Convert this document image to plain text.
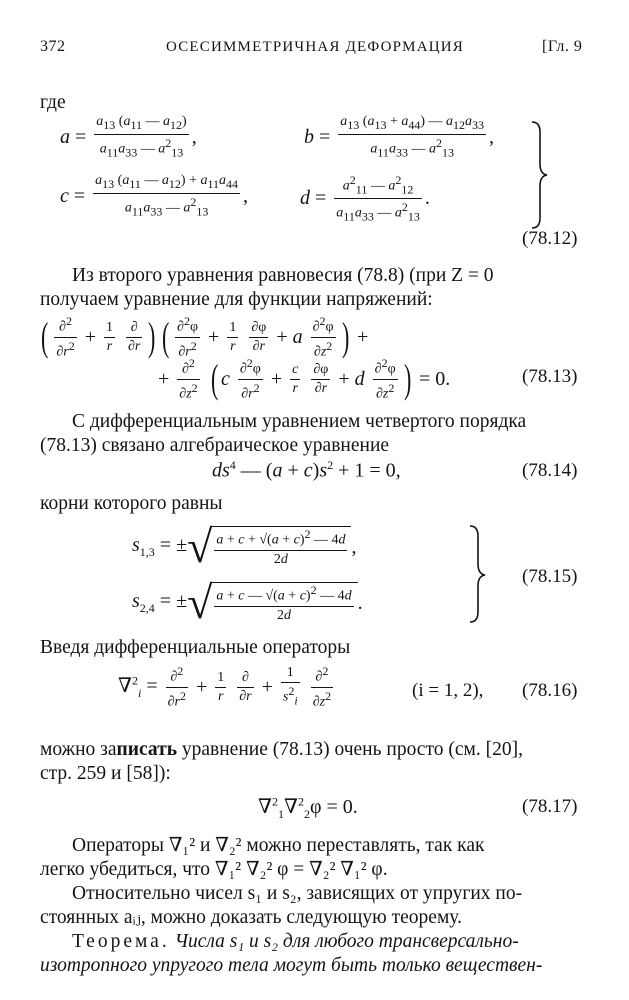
372	ОСЕСИММЕТРИЧНАЯ ДЕФОРМАЦИЯ	[Гл. 9
где
$a = \frac{a_{13} (a_{11} — a_{12})}{a_{11}a_{33} — a^2_{13}}$ ,	$b = \frac{a_{13} (a_{13} + a_{44}) — a_{12}a_{33}}{a_{11}a_{33} — a^2_{13}}$ ,
$c = \frac{a_{13} (a_{11} — a_{12}) + a_{11}a_{44}}{a_{11}a_{33} — a^2_{13}}$ ,	$d = \frac{a^2_{11} — a^2_{12}}{a_{11}a_{33} — a^2_{13}}$ .
(78.12)
Из второго уравнения равновесия (78.8) (при Z = 0
получаем уравнение для функции напряжений:
( $\frac{\partial^2}{\partial r^2} + \frac{1}{r}$
$\frac{\partial}{\partial r}$ ) ( $\frac{\partial^2\varphi}{\partial r^2} + \frac{1}{r}$
$\frac{\partial\varphi}{\partial r} + a \frac{\partial^2\varphi}{\partial z^2}$ ) +
+ $\frac{\partial^2}{\partial z^2}$ ( c $\frac{\partial^2\varphi}{\partial r^2} + \frac{c}{r}$
$\frac{\partial\varphi}{\partial r} + d \frac{\partial^2\varphi}{\partial z^2}$ ) = 0.	(78.13)
С дифференциальным уравнением четвертого порядка
(78.13) связано алгебраическое уравнение
$ds^4$ — $(a + c)s^2 + 1 = 0$,	(78.14)
корни которого равны
$s_{1,3}$ = ±√ $\frac{a + c + √(a + c)^2 — 4d}{2d}$ ,
$s_{2,4}$ = ±√ $\frac{a + c — √(a + c)^2 — 4d}{2d}$ .
(78.15)
Введя дифференциальные операторы
$\nabla^2_i = \frac{\partial^2}{\partial r^2} + \frac{1}{r}$
$\frac{\partial}{\partial r} + \frac{1}{s^2_i}$
$\frac{\partial^2}{\partial z^2}$	(i = 1, 2), (78.16)
можно записать уравнение (78.13) очень просто (см. [20],
стр. 259 и [58]):
∇$^2_1$∇$^2_2$φ = 0.	(78.17)
Операторы ∇₁² и ∇₂² можно переставлять, так как
легко убедиться, что ∇₁² ∇₂² φ = ∇₂² ∇₁² φ.
Относительно чисел s₁ и s₂, зависящих от упругих по-
стоянных aᵢⱼ, можно доказать следующую теорему.
Теорема. Числа s₁ и s₂ для любого трансверсально-
изотропного упругого тела могут быть только веществен-
